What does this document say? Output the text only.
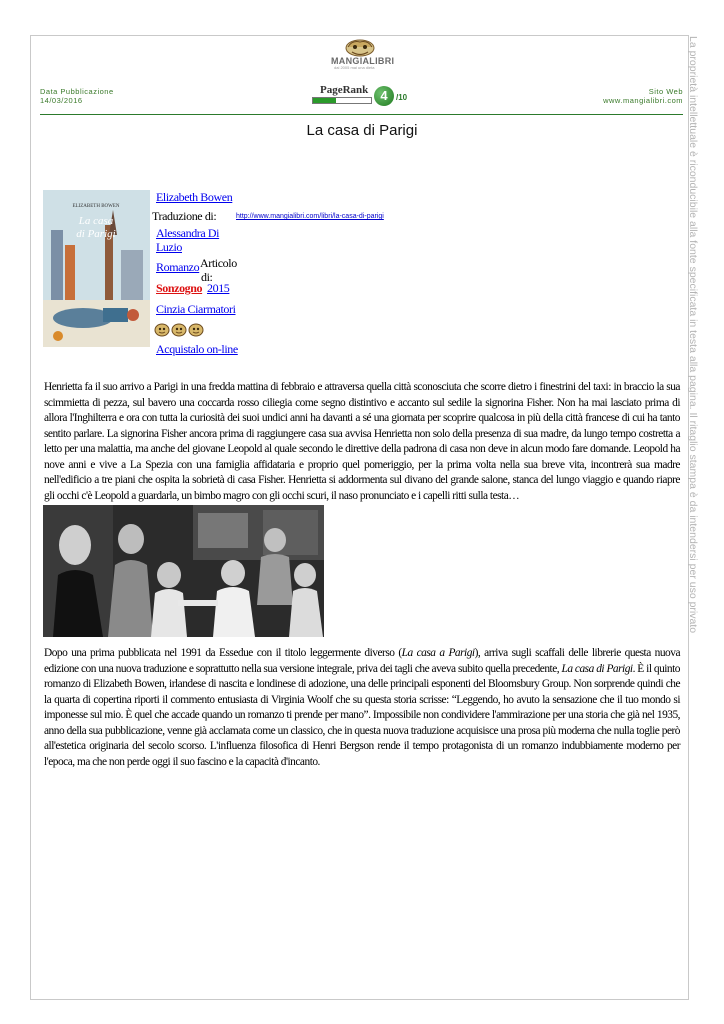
La proprietà intellettuale è riconducibile alla fonte specificata in testa alla pagina. Il ritaglio stampa è da intendersi per uso privato
MANGIALIBRI
dal 2005 mai una dieta
Data Pubblicazione
14/03/2016
PageRank 4	/10
Sito Web
www.mangialibri.com
La casa di Parigi
ELIZABETH BOWEN
La casa
di Parigi
Elizabeth Bowen
Traduzione di:
Alessandra Di
Luzio
Romanzo Articolo
di:
Sonzogno 2015
Cinzia Ciarmatori
Acquistalo on-line
http://www.mangialibri.com/libri/la-casa-di-parigi

Henrietta fa il suo arrivo a Parigi in una fredda mattina di febbraio e attraversa quella città sconosciuta che scorre dietro i finestrini del taxi: in braccio la sua scimmietta di pezza, sul bavero una coccarda rosso ciliegia come segno distintivo e accanto sul sedile la signorina Fisher. Non ha mai lasciato prima di allora l'Inghilterra e ora con tutta la curiosità dei suoi undici anni ha davanti a sé una giornata per scoprire qualcosa in più della città francese di cui ha tanto sentito parlare. La signorina Fisher ancora prima di raggiungere casa sua avvisa Henrietta non solo della presenza di sua madre, da lungo tempo costretta a letto per una malattia, ma anche del giovane Leopold al quale secondo le direttive della padrona di casa non deve in alcun modo fare domande. Leopold ha nove anni e vive a La Spezia con una famiglia affidataria e proprio quel pomeriggio, per la prima volta nella sua breve vita, incontrerà sua madre nell'edificio a tre piani che ospita la sobrietà di casa Fisher. Henrietta si addormenta sul divano del grande salone, stanca del lungo viaggio e quando riapre gli occhi c'è Leopold a guardarla, un bimbo magro con gli occhi scuri, il naso pronunciato e i capelli ritti sulla testa…

Dopo una prima pubblicata nel 1991 da Essedue con il titolo leggermente diverso (La casa a Parigi), arriva sugli scaffali delle librerie questa nuova edizione con una nuova traduzione e soprattutto nella sua versione integrale, priva dei tagli che aveva subito quella precedente, La casa di Parigi. È il quinto romanzo di Elizabeth Bowen, irlandese di nascita e londinese di adozione, una delle principali esponenti del Bloomsbury Group. Non sorprende quindi che la quarta di copertina riporti il commento entusiasta di Virginia Woolf che su questa storia scrisse: “Leggendo, ho avuto la sensazione che il tuo mondo si imponesse sul mio. È quel che accade quando un romanzo ti prende per mano”. Impossibile non condividere l'ammirazione per una storia che già nel 1935, anno della sua pubblicazione, venne già acclamata come un classico, che in questa nuova traduzione acquisisce una prosa più moderna che nulla toglie però all'estetica originaria del secolo scorso. L'influenza filosofica di Henri Bergson rende il tempo protagonista di un romanzo indubbiamente moderno per l'epoca, ma che non perde oggi il suo fascino e la capacità d'incanto.
